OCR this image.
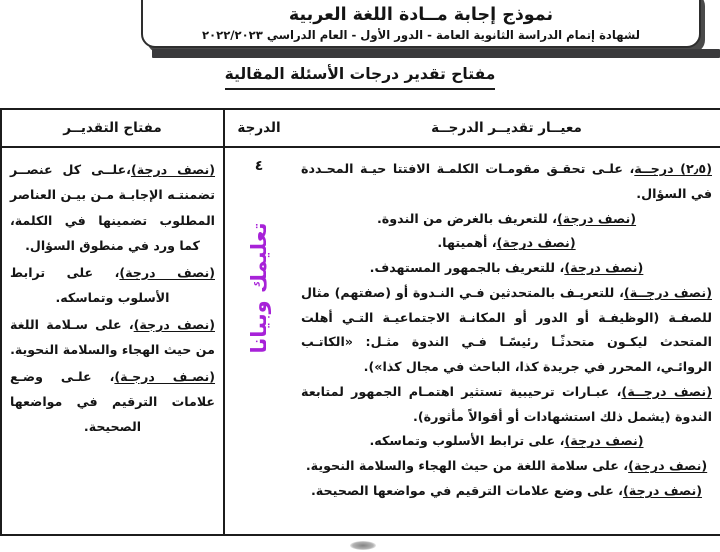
نموذج إجابة مــادة اللغة العربية
لشهادة إتمام الدراسة الثانوية العامة - الدور الأول - العام الدراسي ٢٠٢٢/٢٠٢٣
مفتاح تقدير درجات الأسئلة المقالية
مفتاح التقديــر	الدرجة	معيــار تقديــر الدرجــة
(نصف درجة)،علــى كل عنصــر تضمنتـه الإجابـة مـن بيـن العناصر المطلوب تضمينها في الكلمة، كما ورد في منطوق السؤال.
(نصف درجة)، على ترابط الأسلوب وتماسكه.
(نصف درجة)، على سـلامة اللغة من حيث الهجاء والسلامة النحوية.
(نصـف درجـة)، علـى وضـع علامات الترقيم في مواضعها الصحيحة.
٤
تعليمك وبيانا
(٢٫٥) درجــة، علـى تحقـق مقومـات الكلمـة الافتتا حيـة المحـددة في السؤال.
(نصف درجة)، للتعريف بالغرض من الندوة.
(نصف درجة)، أهميتها.
(نصف درجة)، للتعريف بالجمهور المستهدف.
(نصف درجــة)، للتعريـف بالمتحدثين فـي النـدوة أو (صفتهم) مثال للصفـة (الوظيفـة أو الدور أو المكانـة الاجتماعيـة التـي أهلت المتحدث ليكـون متحدثًـا رئيسًـا فـي الندوة مثـل: «الكاتـب الروائـي، المحرر في جريدة كذا، الباحث في مجال كذا»).
(نصف درجــة)، عبـارات ترحيبية تستثير اهتمـام الجمهور لمتابعة الندوة (يشمل ذلك استشهادات أو أقوالاً مأثورة).
(نصف درجة)، على ترابط الأسلوب وتماسكه.
(نصف درجة)، على سلامة اللغة من حيث الهجاء والسلامة النحوية.
(نصف درجة)، على وضع علامات الترقيم في مواضعها الصحيحة.
